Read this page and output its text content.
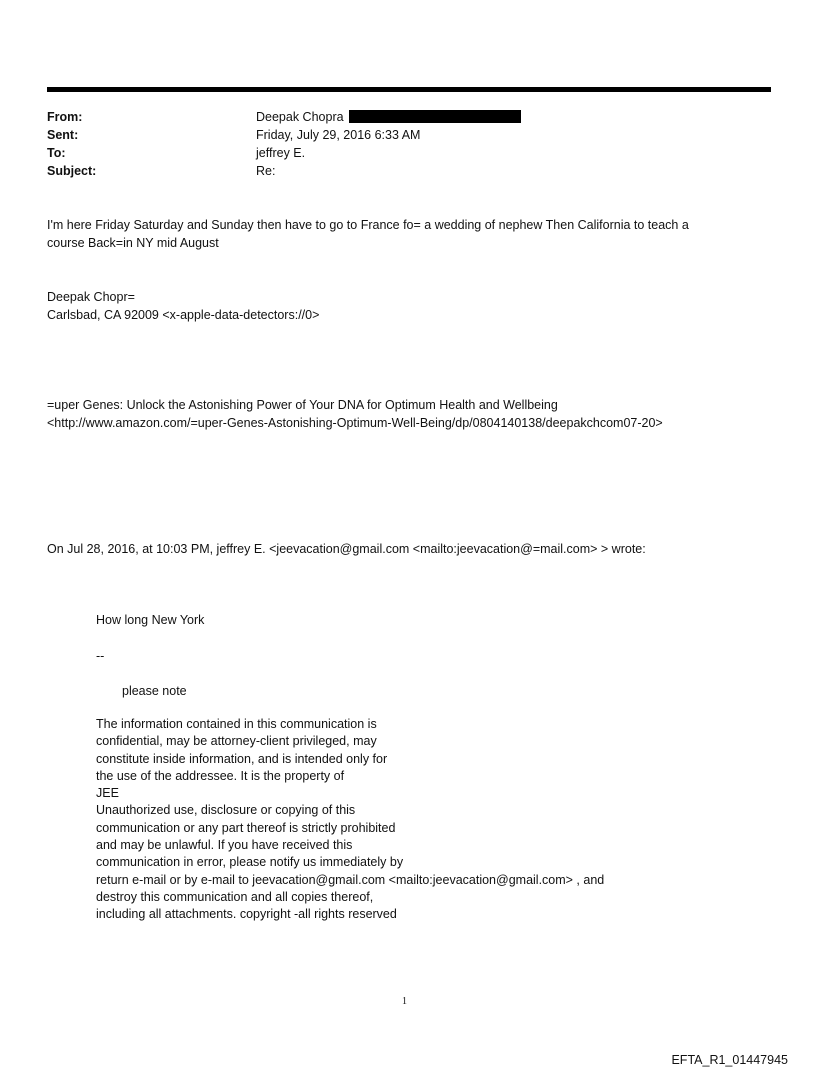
From:	Deepak Chopra
Sent:	Friday, July 29, 2016 6:33 AM
To:	jeffrey E.
Subject:	Re:
I'm here Friday Saturday and Sunday then have to go to France fo= a wedding of nephew Then California to teach a
course Back=in NY mid August
Deepak Chopr=
Carlsbad, CA 92009 <x-apple-data-detectors://0>
=uper Genes: Unlock the Astonishing Power of Your DNA for Optimum Health and Wellbeing
<http://www.amazon.com/=uper-Genes-Astonishing-Optimum-Well-Being/dp/0804140138/deepakchcom07-20>
On Jul 28, 2016, at 10:03 PM, jeffrey E. <jeevacation@gmail.com <mailto:jeevacation@=mail.com> > wrote:
How long New York
--
please note
The information contained in this communication is
confidential, may be attorney-client privileged, may
constitute inside information, and is intended only for
the use of the addressee. It is the property of
JEE
Unauthorized use, disclosure or copying of this
communication or any part thereof is strictly prohibited
and may be unlawful. If you have received this
communication in error, please notify us immediately by
return e-mail or by e-mail to jeevacation@gmail.com <mailto:jeevacation@gmail.com> , and
destroy this communication and all copies thereof,
including all attachments. copyright -all rights reserved
1
EFTA_R1_01447945
